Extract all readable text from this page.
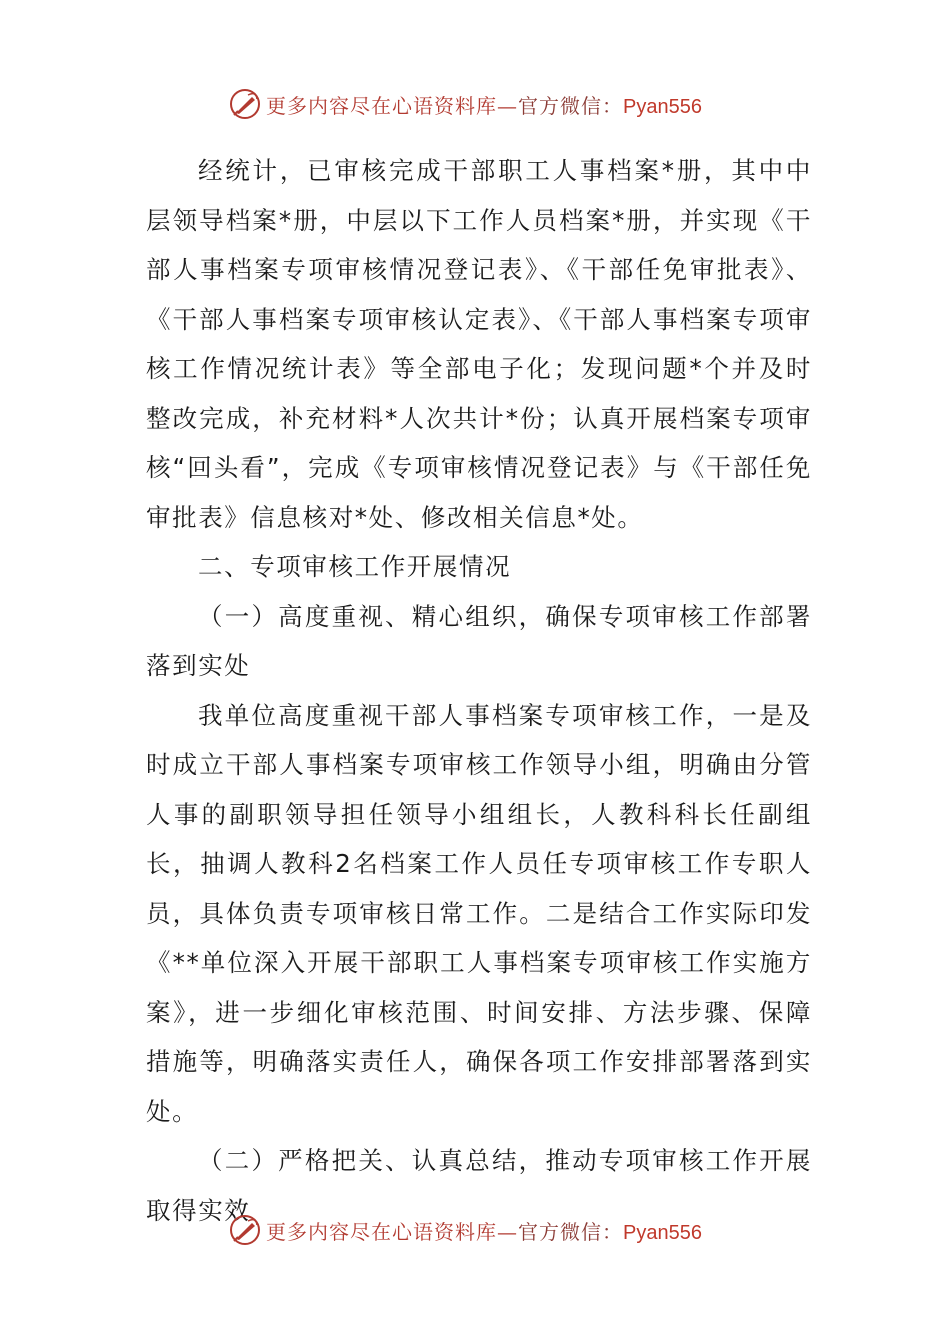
更多内容尽在心语资料库—官方微信：Pyan556

经统计，已审核完成干部职工人事档案*册，其中中层领导档案*册，中层以下工作人员档案*册，并实现《干部人事档案专项审核情况登记表》、《干部任免审批表》、《干部人事档案专项审核认定表》、《干部人事档案专项审核工作情况统计表》等全部电子化；发现问题*个并及时整改完成，补充材料*人次共计*份；认真开展档案专项审核“回头看”，完成《专项审核情况登记表》与《干部任免审批表》信息核对*处、修改相关信息*处。

二、专项审核工作开展情况

（一）高度重视、精心组织，确保专项审核工作部署落到实处

我单位高度重视干部人事档案专项审核工作，一是及时成立干部人事档案专项审核工作领导小组，明确由分管人事的副职领导担任领导小组组长，人教科科长任副组长，抽调人教科2名档案工作人员任专项审核工作专职人员，具体负责专项审核日常工作。二是结合工作实际印发《**单位深入开展干部职工人事档案专项审核工作实施方案》，进一步细化审核范围、时间安排、方法步骤、保障措施等，明确落实责任人，确保各项工作安排部署落到实处。

（二）严格把关、认真总结，推动专项审核工作开展取得实效

更多内容尽在心语资料库—官方微信：Pyan556
